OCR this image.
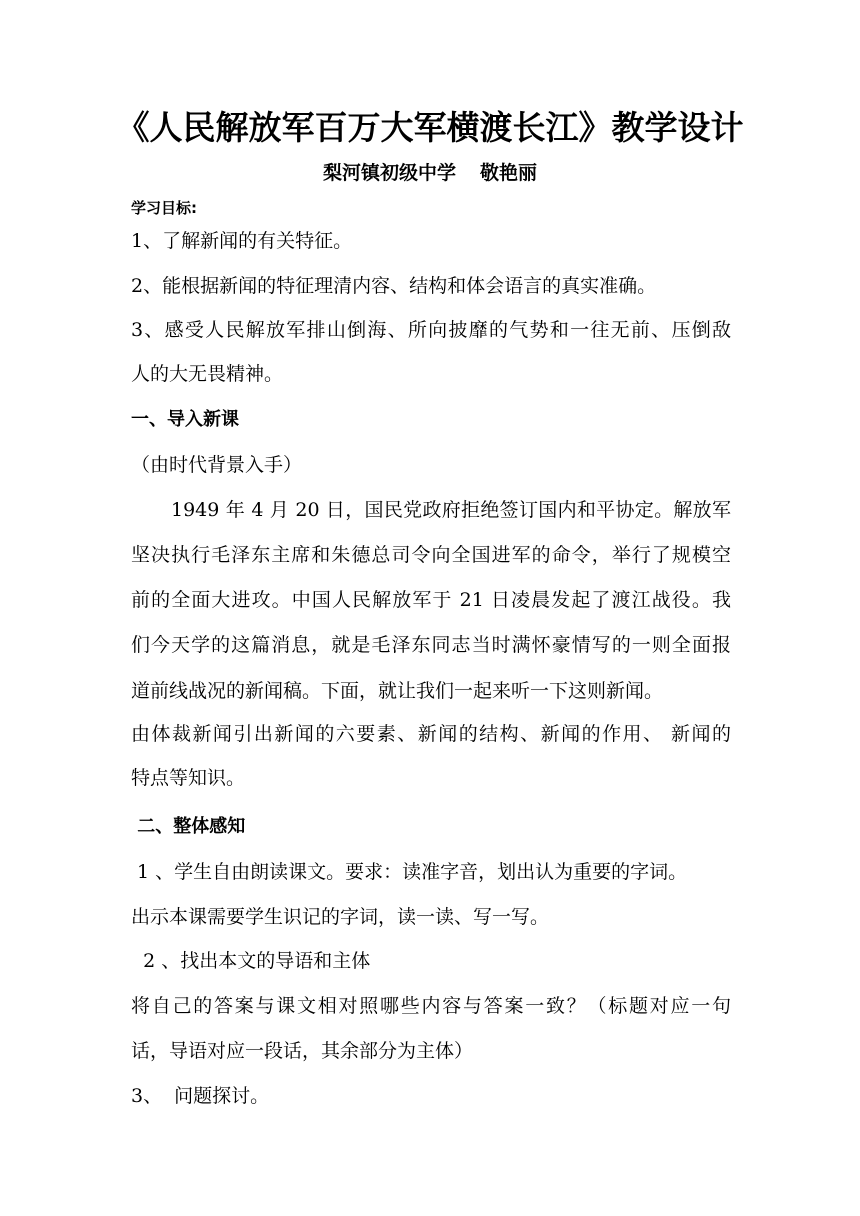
《人民解放军百万大军横渡长江》教学设计
梨河镇初级中学 敬艳丽
学习目标:
1、了解新闻的有关特征。
2、能根据新闻的特征理清内容、结构和体会语言的真实准确。
3、感受人民解放军排山倒海、所向披靡的气势和一往无前、压倒敌
人的大无畏精神。
一、导入新课
（由时代背景入手）
1949 年 4 月 20 日，国民党政府拒绝签订国内和平协定。解放军
坚决执行毛泽东主席和朱德总司令向全国进军的命令，举行了规模空
前的全面大进攻。中国人民解放军于 21 日凌晨发起了渡江战役。我
们今天学的这篇消息，就是毛泽东同志当时满怀豪情写的一则全面报
道前线战况的新闻稿。下面，就让我们一起来听一下这则新闻。
由体裁新闻引出新闻的六要素、新闻的结构、新闻的作用、 新闻的
特点等知识。
二、整体感知
1 、学生自由朗读课文。要求：读准字音，划出认为重要的字词。
出示本课需要学生识记的字词，读一读、写一写。
2 、找出本文的导语和主体
将自己的答案与课文相对照哪些内容与答案一致？（标题对应一句
话，导语对应一段话，其余部分为主体）
3、  问题探讨。
